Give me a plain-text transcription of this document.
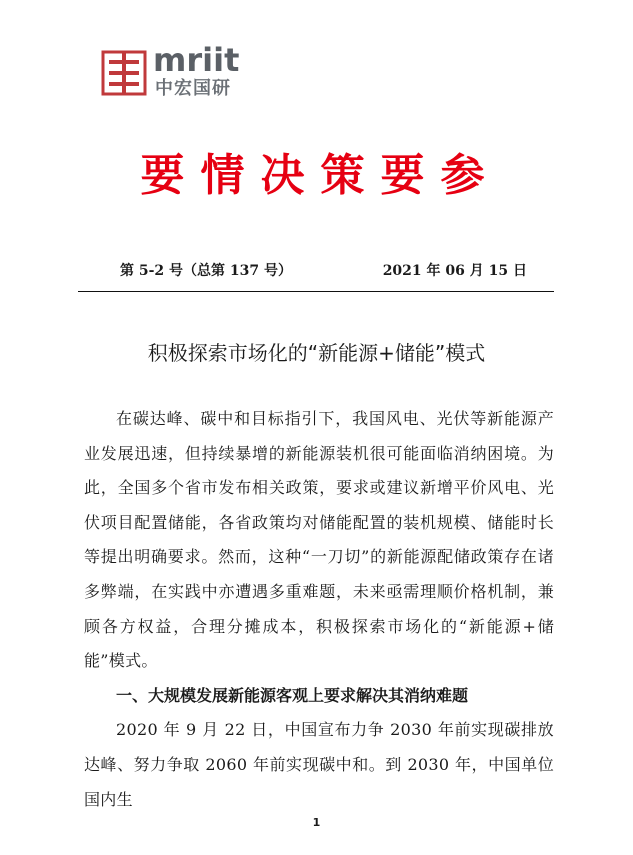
mriit
中宏国研
要情决策要参
第 5-2 号（总第 137 号）	2021 年 06 月 15 日
积极探索市场化的“新能源+储能”模式

在碳达峰、碳中和目标指引下，我国风电、光伏等新能源产业发展迅速，但持续暴增的新能源装机很可能面临消纳困境。为此，全国多个省市发布相关政策，要求或建议新增平价风电、光伏项目配置储能，各省政策均对储能配置的装机规模、储能时长等提出明确要求。然而，这种“一刀切”的新能源配储政策存在诸多弊端，在实践中亦遭遇多重难题，未来亟需理顺价格机制，兼顾各方权益，合理分摊成本，积极探索市场化的“新能源+储能”模式。

一、大规模发展新能源客观上要求解决其消纳难题

2020 年 9 月 22 日，中国宣布力争 2030 年前实现碳排放达峰、努力争取 2060 年前实现碳中和。到 2030 年，中国单位国内生

1
